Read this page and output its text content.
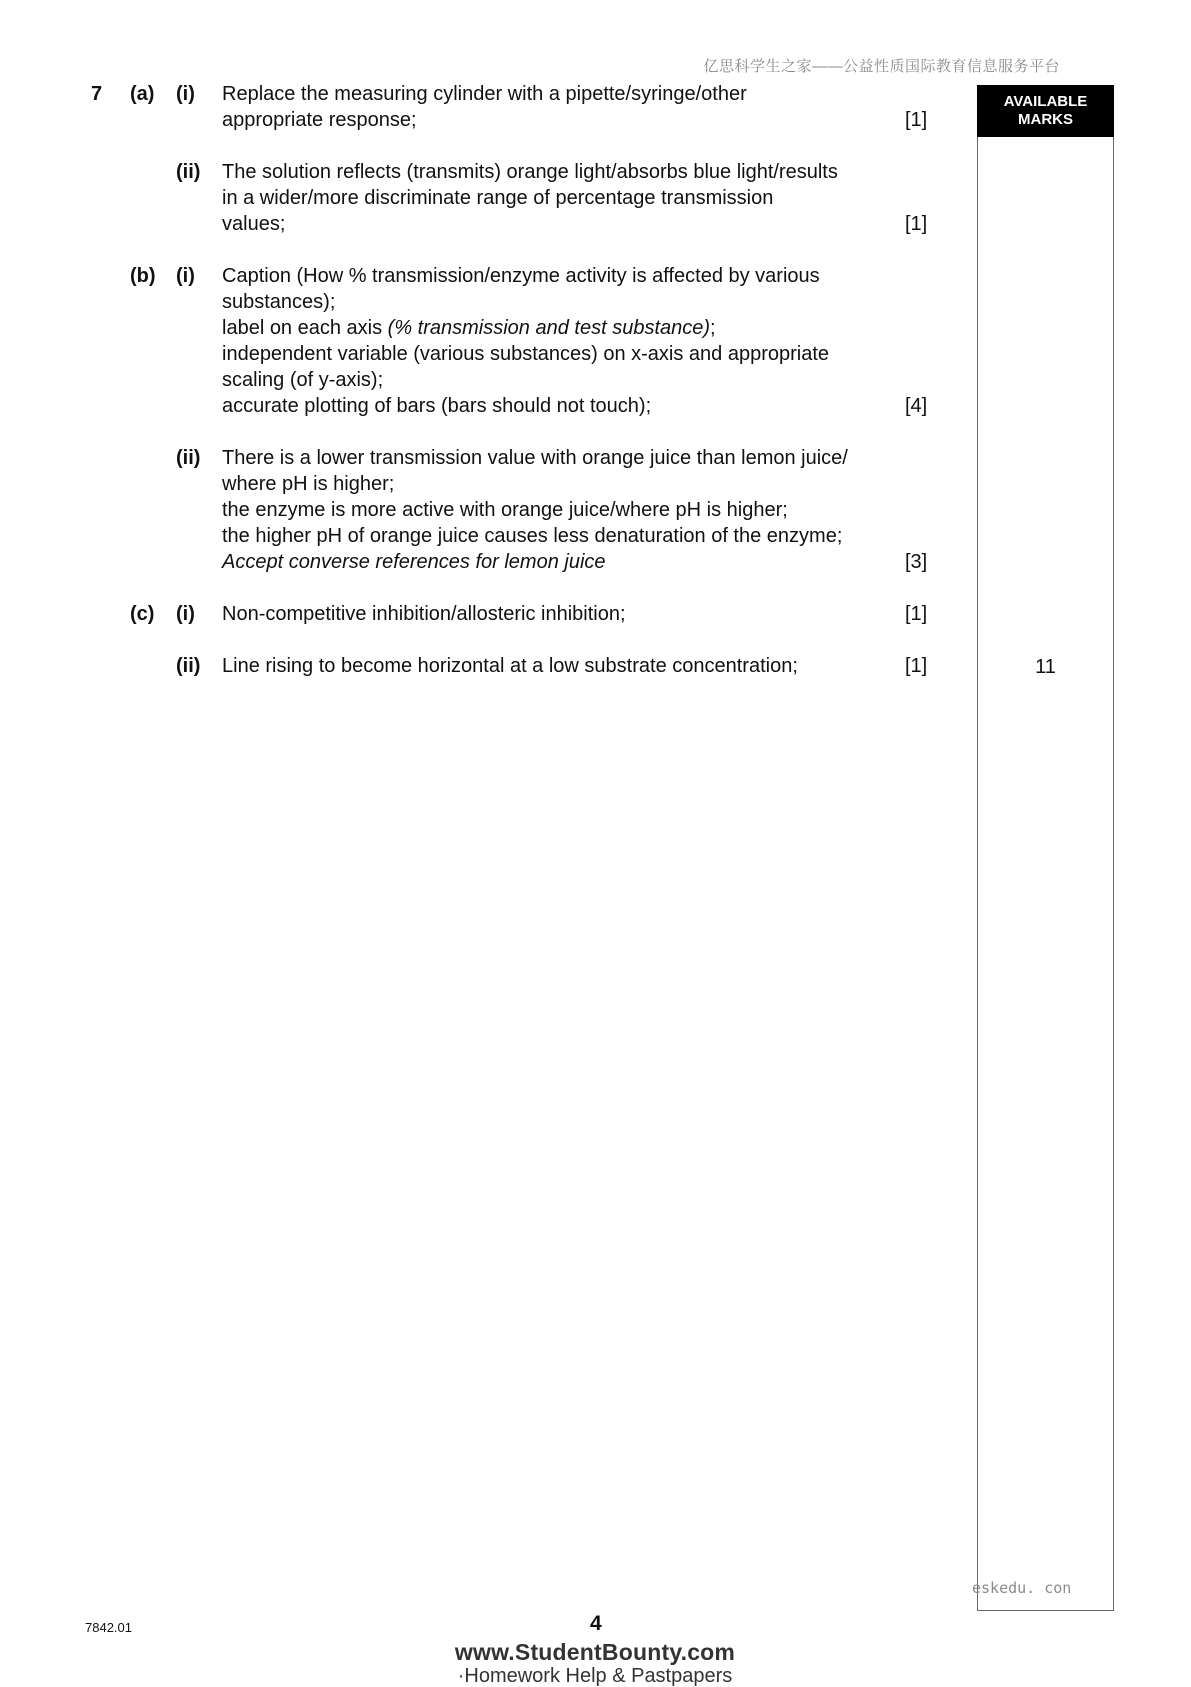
亿思科学生之家——公益性质国际教育信息服务平台
AVAILABLE MARKS
11
7 (a) (i) Replace the measuring cylinder with a pipette/syringe/other
appropriate response;	[1]
(ii) The solution reflects (transmits) orange light/absorbs blue light/results
in a wider/more discriminate range of percentage transmission
values;	[1]
(b) (i) Caption (How % transmission/enzyme activity is affected by various
substances);
label on each axis (% transmission and test substance);
independent variable (various substances) on x-axis and appropriate
scaling (of y-axis);
accurate plotting of bars (bars should not touch);	[4]
(ii) There is a lower transmission value with orange juice than lemon juice/
where pH is higher;
the enzyme is more active with orange juice/where pH is higher;
the higher pH of orange juice causes less denaturation of the enzyme;
Accept converse references for lemon juice	[3]
(c) (i) Non-competitive inhibition/allosteric inhibition;	[1]
(ii) Line rising to become horizontal at a low substrate concentration;	[1]
eskedu. con
7842.01	4
www.StudentBounty.com
·Homework Help & Pastpapers
